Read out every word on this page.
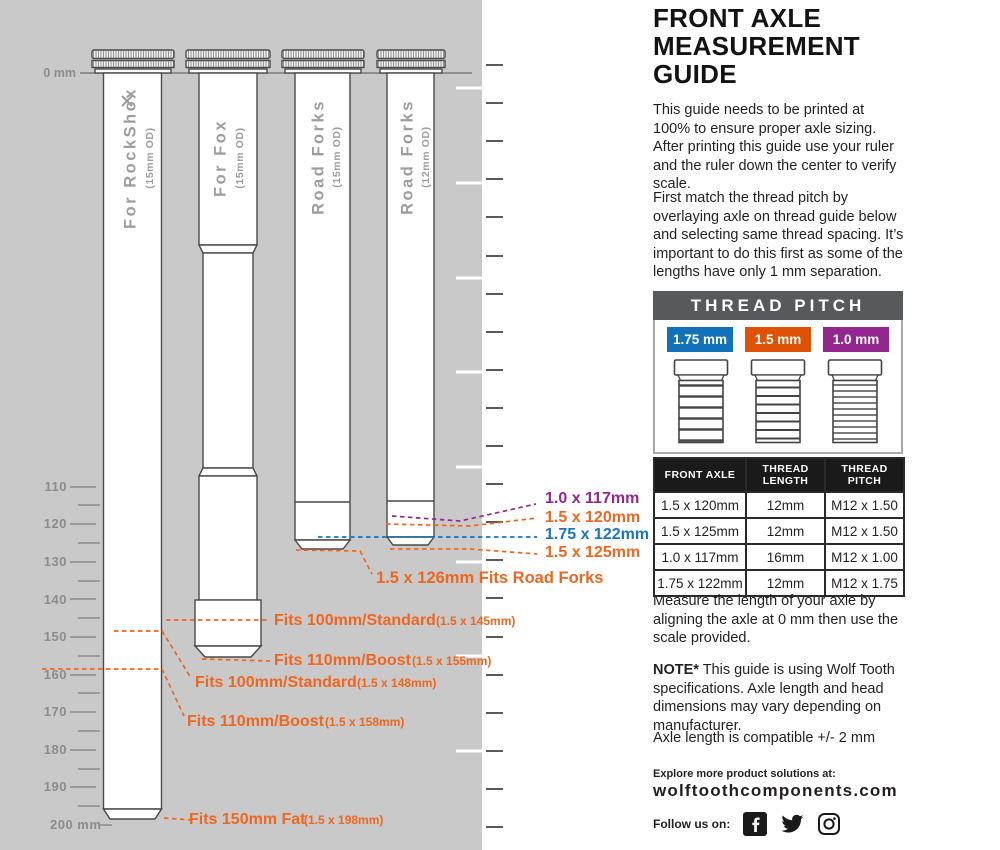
0 mm
110
120
130
140
150
160
170
180
190
200 mm
For RockShox (15mm OD)	For Fox (15mm OD)	Road Forks (15mm OD)	Road Forks (12mm OD)
1.0 x 117mm
1.5 x 120mm
1.75 x 122mm
1.5 x 125mm
1.5 x 126mm Fits Road Forks
Fits 100mm/Standard (1.5 x 145mm)
Fits 110mm/Boost (1.5 x 155mm)
Fits 100mm/Standard (1.5 x 148mm)
Fits 110mm/Boost (1.5 x 158mm)
Fits 150mm Fat
(1.5 x 198mm)
FRONT AXLE
MEASUREMENT
GUIDE
This guide needs to be printed at 100% to ensure proper axle sizing. After printing this guide use your ruler and the ruler down the center to verify scale.
First match the thread pitch by overlaying axle on thread guide below and selecting same thread spacing. It’s important to do this first as some of the lengths have only 1 mm separation.
THREAD PITCH
1.75 mm	1.5 mm	1.0 mm
FRONT AXLE	THREAD LENGTH	THREAD PITCH
1.5 x 120mm	12mm	M12 x 1.50
1.5 x 125mm	12mm	M12 x 1.50
1.0 x 117mm	16mm	M12 x 1.00
1.75 x 122mm	12mm	M12 x 1.75
Measure the length of your axle by aligning the axle at 0 mm then use the scale provided.
NOTE* This guide is using Wolf Tooth specifications. Axle length and head dimensions may vary depending on manufacturer.
Axle length is compatible +/- 2 mm
Explore more product solutions at:
wolftoothcomponents.com
Follow us on:
